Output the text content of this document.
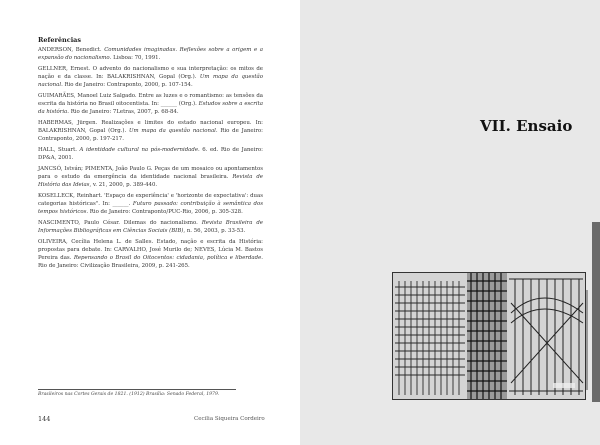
Referências

ANDERSON, Benedict. Comunidades imaginadas. Reflexões sobre a origem e a expansão do nacionalismo. Lisboa: 70, 1991.

GELLNER, Ernest. O advento do nacionalismo e sua interpretação: os mitos de nação e da classe. In: BALAKRISHNAN, Gopal (Org.). Um mapa da questão nacional. Rio de Janeiro: Contraponto, 2000, p. 107-154.

GUIMARÃES, Manoel Luiz Salgado. Entre as luzes e o romantismo: as tensões da escrita da história no Brasil oitocentista. In: ______ (Org.). Estudos sobre a escrita da história. Rio de Janeiro: 7Letras, 2007, p. 68-84.

HABERMAS, Jürgen. Realizações e limites do estado nacional europeu. In: BALAKRISHNAN, Gopal (Org.). Um mapa da questão nacional. Rio de Janeiro: Contraponto, 2000, p. 197-217.

HALL, Stuart. A identidade cultural na pós-modernidade. 6. ed. Rio de Janeiro: DP&A, 2001.

JANCSÓ, István; PIMENTA, João Paulo G. Peças de um mosaico ou apontamentos para o estudo da emergência da identidade nacional brasileira. Revista de História das Ideias, v. 21, 2000, p. 389-440.

KOSELLECK, Reinhart. 'Espaço de experiência' e 'horizonte de expectativa': duas categorias históricas". In: ______. Futuro passado: contribuição à semântica dos tempos históricos. Rio de Janeiro: Contraponto/PUC-Rio, 2006, p. 305-328.

NASCIMENTO, Paulo César. Dilemas do nacionalismo. Revista Brasileira de Informações Bibliográficas em Ciências Sociais (BIB), n. 56, 2003, p. 33-53.

OLIVEIRA, Cecília Helena L. de Salles. Estado, nação e escrita da História: propostas para debate. In: CARVALHO, José Murilo de; NEVES, Lúcia M. Bastos Pereira das. Repensando o Brasil do Oitocentos: cidadania, política e liberdade. Rio de Janeiro: Civilização Brasileira, 2009, p. 241-265.

Brasileiros nas Cortes Gerais de 1821. (1912) Brasília: Senado Federal, 1979.
144	Cecilia Siqueira Cordeiro
VII. Ensaio
